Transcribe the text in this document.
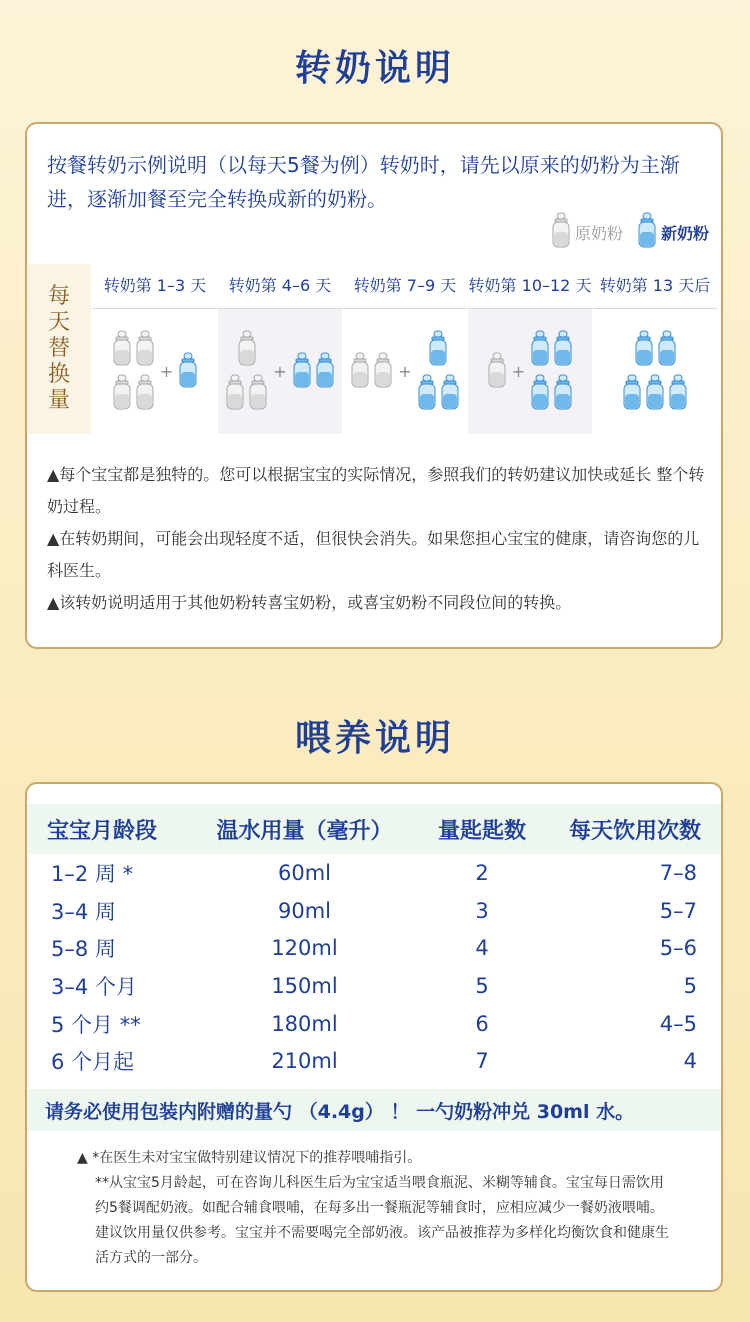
转奶说明
按餐转奶示例说明（以每天5餐为例）转奶时，请先以原来的奶粉为主渐进，逐渐加餐至完全转换成新的奶粉。
原奶粉 新奶粉
每
天
替
换
量
转奶第 1–3 天
+
转奶第 4–6 天
+
转奶第 7–9 天
+
转奶第 10–12 天
+
转奶第 13 天后

▲每个宝宝都是独特的。您可以根据宝宝的实际情况，参照我们的转奶建议加快或延长 整个转奶过程。

▲在转奶期间，可能会出现轻度不适，但很快会消失。如果您担心宝宝的健康，请咨询您的儿科医生。

▲该转奶说明适用于其他奶粉转喜宝奶粉，或喜宝奶粉不同段位间的转换。

喂养说明
宝宝月龄段	温水用量（毫升）	量匙匙数	每天饮用次数
1–2 周 *	60ml	2	7–8
3–4 周	90ml	3	5–7
5–8 周	120ml	4	5–6
3–4 个月	150ml	5	5
5 个月 **	180ml	6	4–5
6 个月起	210ml	7	4
请务必使用包装内附赠的量勺 （4.4g） ！ 一勺奶粉冲兑 30ml 水。

▲ *在医生未对宝宝做特别建议情况下的推荐喂哺指引。

**从宝宝5月龄起，可在咨询儿科医生后为宝宝适当喂食瓶泥、米糊等辅食。宝宝每日需饮用约5餐调配奶液。如配合辅食喂哺，在每多出一餐瓶泥等辅食时，应相应减少一餐奶液喂哺。建议饮用量仅供参考。宝宝并不需要喝完全部奶液。该产品被推荐为多样化均衡饮食和健康生活方式的一部分。
